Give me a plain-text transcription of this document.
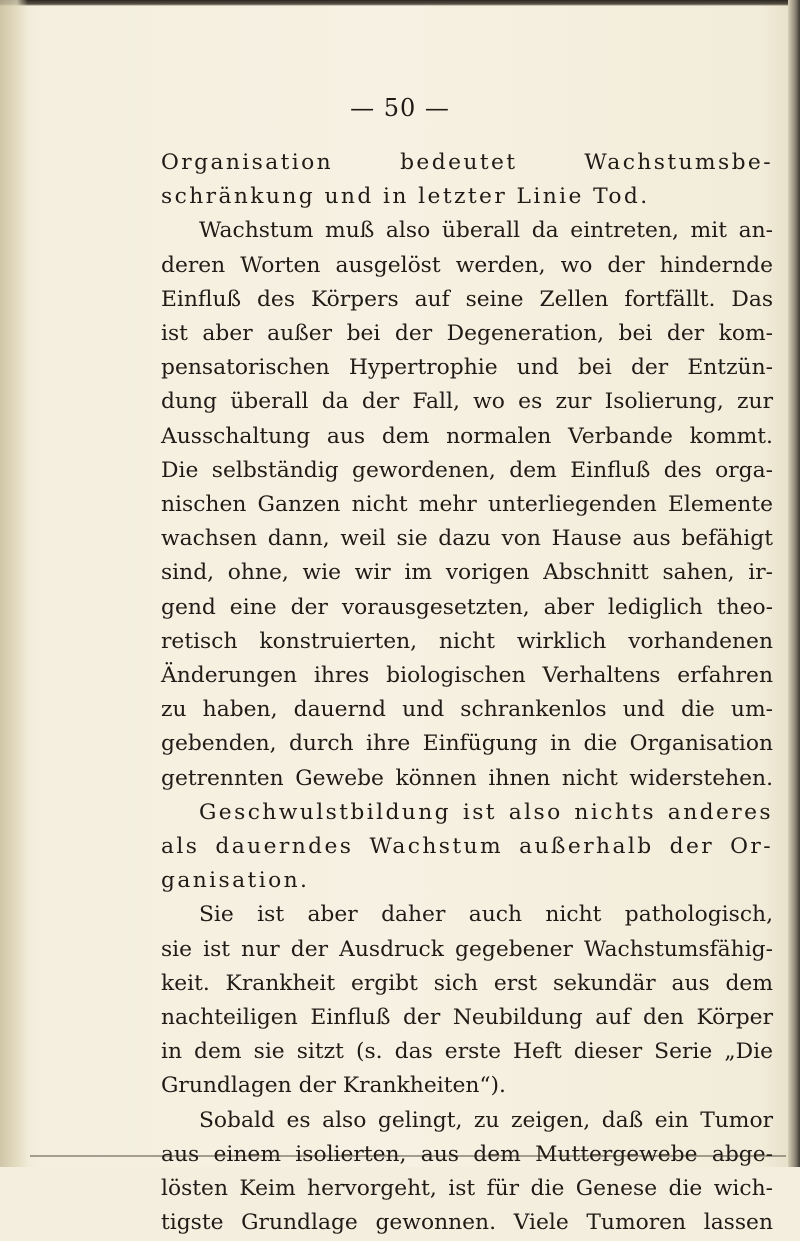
— 50 —
Organisation bedeutet Wachstumsbe-
schränkung und in letzter Linie Tod.
Wachstum muß also überall da eintreten, mit an-
deren Worten ausgelöst werden, wo der hindernde
Einfluß des Körpers auf seine Zellen fortfällt. Das
ist aber außer bei der Degeneration, bei der kom-
pensatorischen Hypertrophie und bei der Entzün-
dung überall da der Fall, wo es zur Isolierung, zur
Ausschaltung aus dem normalen Verbande kommt.
Die selbständig gewordenen, dem Einfluß des orga-
nischen Ganzen nicht mehr unterliegenden Elemente
wachsen dann, weil sie dazu von Hause aus befähigt
sind, ohne, wie wir im vorigen Abschnitt sahen, ir-
gend eine der vorausgesetzten, aber lediglich theo-
retisch konstruierten, nicht wirklich vorhandenen
Änderungen ihres biologischen Verhaltens erfahren
zu haben, dauernd und schrankenlos und die um-
gebenden, durch ihre Einfügung in die Organisation
getrennten Gewebe können ihnen nicht widerstehen.
Geschwulstbildung ist also nichts anderes
als dauerndes Wachstum außerhalb der Or-
ganisation.
Sie ist aber daher auch nicht pathologisch,
sie ist nur der Ausdruck gegebener Wachstumsfähig-
keit. Krankheit ergibt sich erst sekundär aus dem
nachteiligen Einfluß der Neubildung auf den Körper
in dem sie sitzt (s. das erste Heft dieser Serie „Die
Grundlagen der Krankheiten“).
Sobald es also gelingt, zu zeigen, daß ein Tumor
aus einem isolierten, aus dem Muttergewebe abge-
lösten Keim hervorgeht, ist für die Genese die wich-
tigste Grundlage gewonnen. Viele Tumoren lassen
